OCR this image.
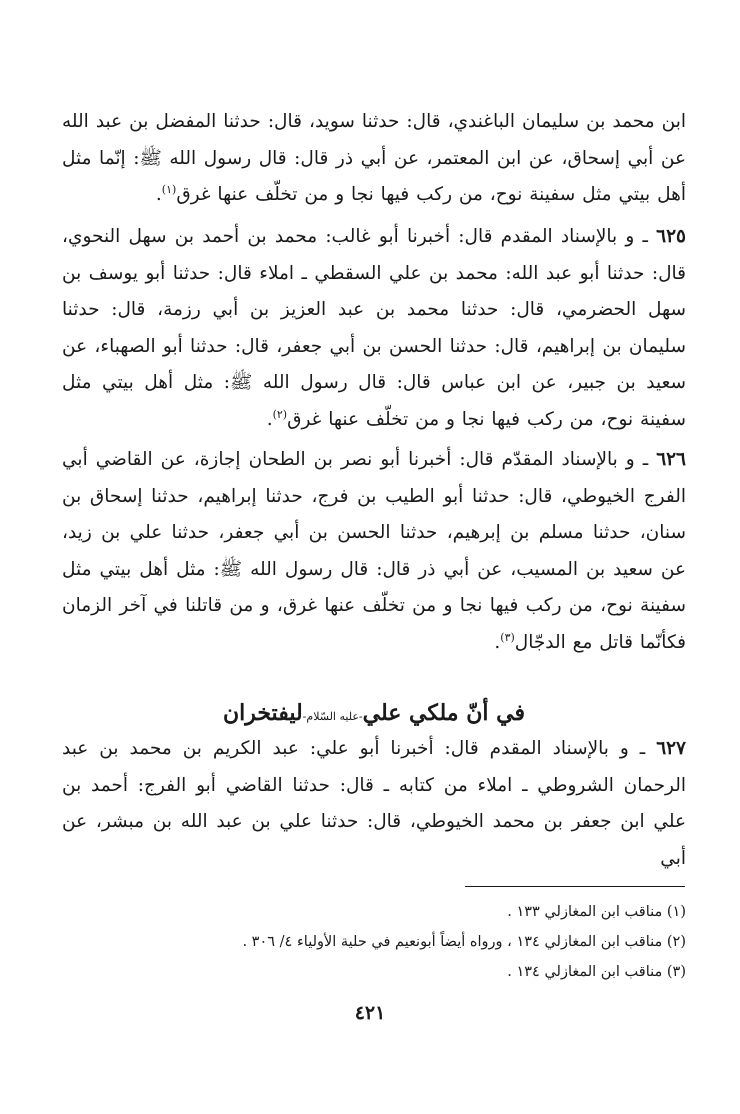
ابن محمد بن سليمان الباغندي، قال: حدثنا سويد، قال: حدثنا المفضل بن عبد الله عن أبي إسحاق، عن ابن المعتمر، عن أبي ذر قال: قال رسول الله ﷺ: إنّما مثل أهل بيتي مثل سفينة نوح، من ركب فيها نجا و من تخلّف عنها غرق$^{(١)}$.

٦٢٥ ـ و بالإسناد المقدم قال: أخبرنا أبو غالب: محمد بن أحمد بن سهل النحوي، قال: حدثنا أبو عبد الله: محمد بن علي السقطي ـ املاء قال: حدثنا أبو يوسف بن سهل الحضرمي، قال: حدثنا محمد بن عبد العزيز بن أبي رزمة، قال: حدثنا سليمان بن إبراهيم، قال: حدثنا الحسن بن أبي جعفر، قال: حدثنا أبو الصهباء، عن سعيد بن جبير، عن ابن عباس قال: قال رسول الله ﷺ: مثل أهل بيتي مثل سفينة نوح، من ركب فيها نجا و من تخلّف عنها غرق$^{(٢)}$.

٦٢٦ ـ و بالإسناد المقدّم قال: أخبرنا أبو نصر بن الطحان إجازة، عن القاضي أبي الفرج الخيوطي، قال: حدثنا أبو الطيب بن فرج، حدثنا إبراهيم، حدثنا إسحاق بن سنان، حدثنا مسلم بن إبرهيم، حدثنا الحسن بن أبي جعفر، حدثنا علي بن زيد، عن سعيد بن المسيب، عن أبي ذر قال: قال رسول الله ﷺ: مثل أهل بيتي مثل سفينة نوح، من ركب فيها نجا و من تخلّف عنها غرق، و من قاتلنا في آخر الزمان فكأنّما قاتل مع الدجّال$^{(٣)}$.

في أنّ ملكي علي-عليه السّلام-ليفتخران

٦٢٧ ـ و بالإسناد المقدم قال: أخبرنا أبو علي: عبد الكريم بن محمد بن عبد الرحمان الشروطي ـ املاء من كتابه ـ قال: حدثنا القاضي أبو الفرج: أحمد بن علي ابن جعفر بن محمد الخيوطي، قال: حدثنا علي بن عبد الله بن مبشر، عن أبي

(١) مناقب ابن المغازلي ١٣٣ .

(٢) مناقب ابن المغازلي ١٣٤ ، ورواه أيضاً أبونعيم في حلية الأولياء ٤/ ٣٠٦ .

(٣) مناقب ابن المغازلي ١٣٤ .

٤٢١
